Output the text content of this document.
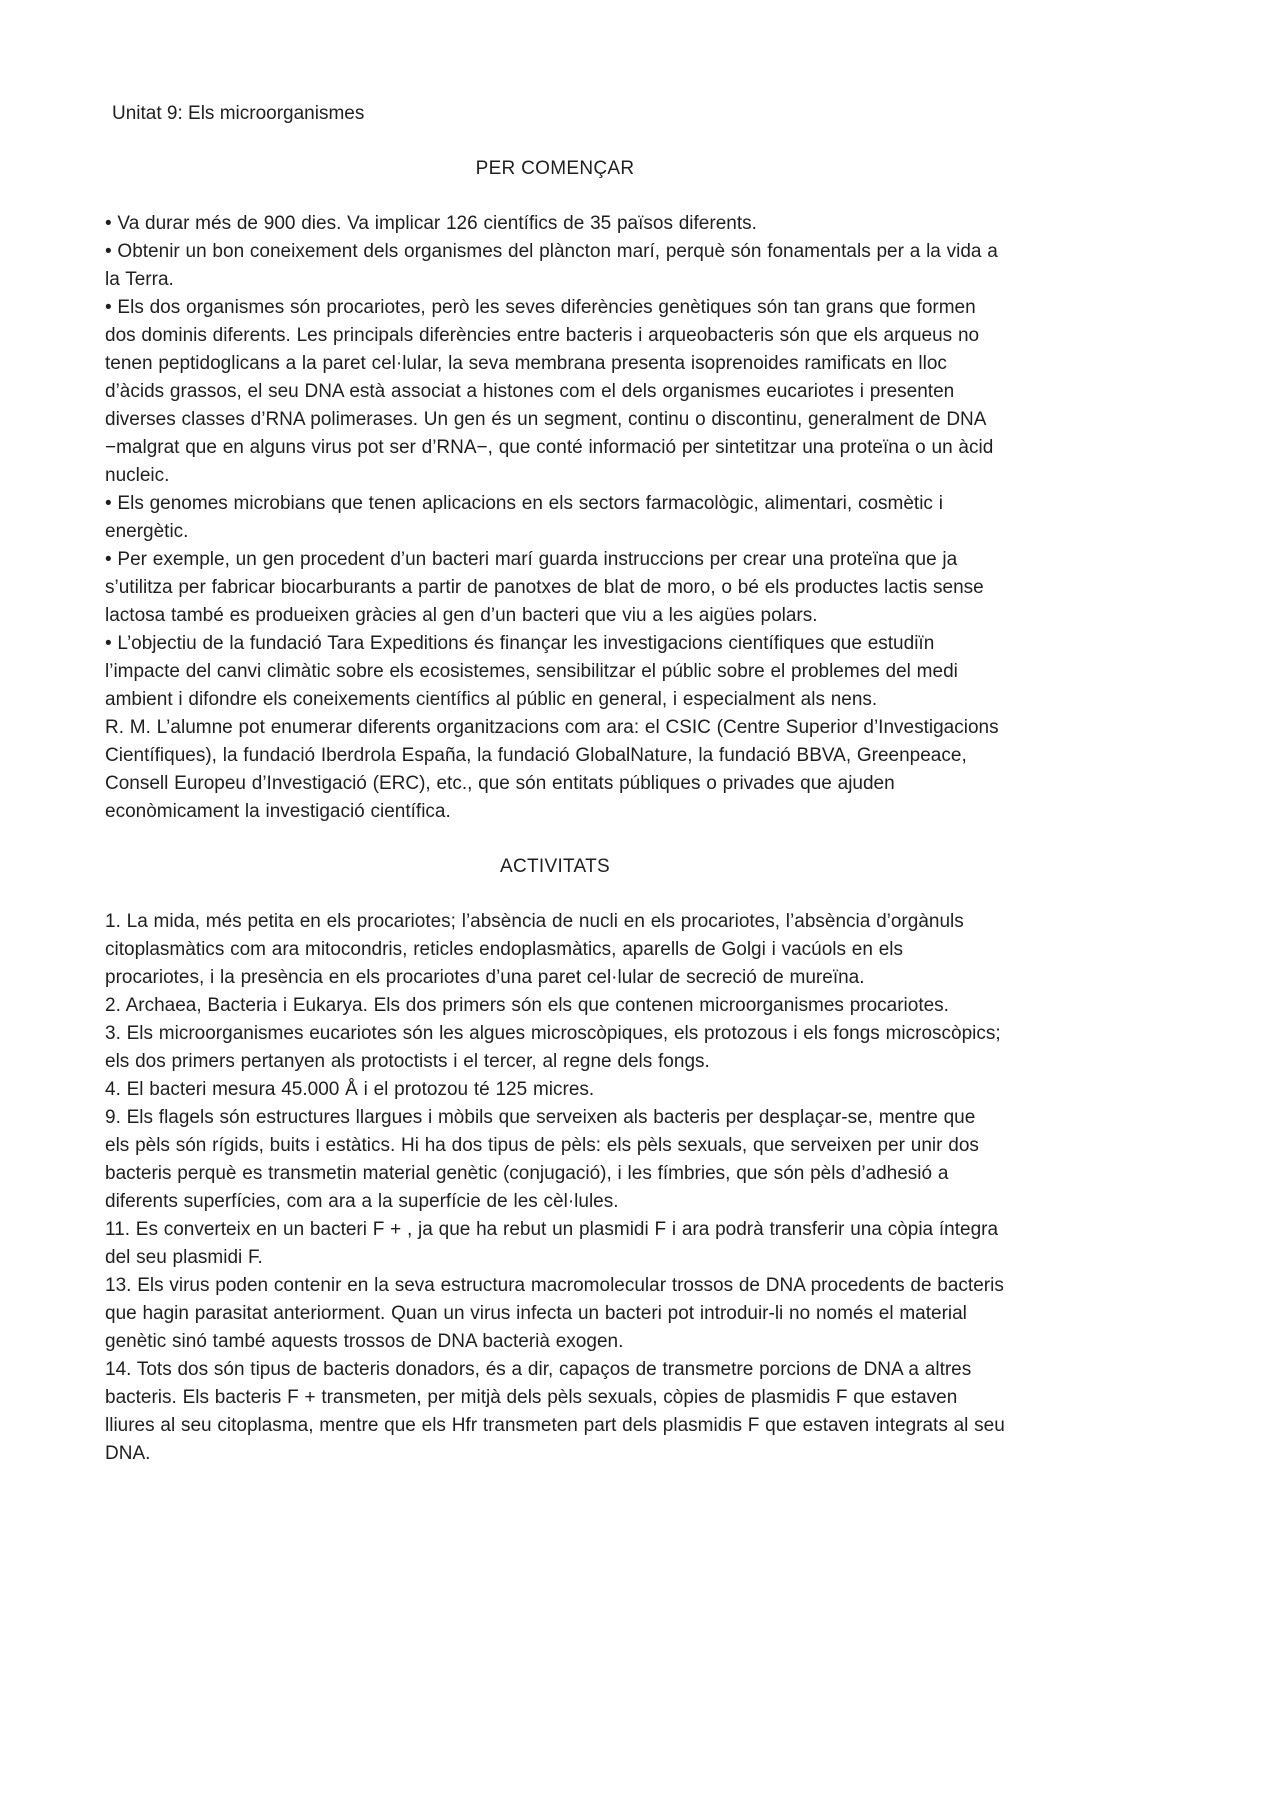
Unitat 9: Els microorganismes
PER COMENÇAR

• Va durar més de 900 dies. Va implicar 126 científics de 35 països diferents.

• Obtenir un bon coneixement dels organismes del plàncton marí, perquè són fonamentals per a la vida a la Terra.

• Els dos organismes són procariotes, però les seves diferències genètiques són tan grans que formen dos dominis diferents. Les principals diferències entre bacteris i arqueobacteris són que els arqueus no tenen peptidoglicans a la paret cel·lular, la seva membrana presenta isoprenoides ramificats en lloc d’àcids grassos, el seu DNA està associat a histones com el dels organismes eucariotes i presenten diverses classes d’RNA polimerases. Un gen és un segment, continu o discontinu, generalment de DNA −malgrat que en alguns virus pot ser d’RNA−, que conté informació per sintetitzar una proteïna o un àcid nucleic.

• Els genomes microbians que tenen aplicacions en els sectors farmacològic, alimentari, cosmètic i energètic.

• Per exemple, un gen procedent d’un bacteri marí guarda instruccions per crear una proteïna que ja s’utilitza per fabricar biocarburants a partir de panotxes de blat de moro, o bé els productes lactis sense lactosa també es produeixen gràcies al gen d’un bacteri que viu a les aigües polars.

• L’objectiu de la fundació Tara Expeditions és finançar les investigacions científiques que estudiïn l’impacte del canvi climàtic sobre els ecosistemes, sensibilitzar el públic sobre el problemes del medi ambient i difondre els coneixements científics al públic en general, i especialment als nens.

R. M. L’alumne pot enumerar diferents organitzacions com ara: el CSIC (Centre Superior d’Investigacions Científiques), la fundació Iberdrola España, la fundació GlobalNature, la fundació BBVA, Greenpeace, Consell Europeu d’Investigació (ERC), etc., que són entitats públiques o privades que ajuden econòmicament la investigació científica.

ACTIVITATS

1. La mida, més petita en els procariotes; l’absència de nucli en els procariotes, l’absència d’orgànuls citoplasmàtics com ara mitocondris, reticles endoplasmàtics, aparells de Golgi i vacúols en els procariotes, i la presència en els procariotes d’una paret cel·lular de secreció de mureïna.

2. Archaea, Bacteria i Eukarya. Els dos primers són els que contenen microorganismes procariotes.

3. Els microorganismes eucariotes són les algues microscòpiques, els protozous i els fongs microscòpics; els dos primers pertanyen als protoctists i el tercer, al regne dels fongs.

4. El bacteri mesura 45.000 Å i el protozou té 125 micres.

9. Els flagels són estructures llargues i mòbils que serveixen als bacteris per desplaçar-se, mentre que els pèls són rígids, buits i estàtics. Hi ha dos tipus de pèls: els pèls sexuals, que serveixen per unir dos bacteris perquè es transmetin material genètic (conjugació), i les fímbries, que són pèls d’adhesió a diferents superfícies, com ara a la superfície de les cèl·lules.

11. Es converteix en un bacteri F + , ja que ha rebut un plasmidi F i ara podrà transferir una còpia íntegra del seu plasmidi F.

13. Els virus poden contenir en la seva estructura macromolecular trossos de DNA procedents de bacteris que hagin parasitat anteriorment. Quan un virus infecta un bacteri pot introduir-li no només el material genètic sinó també aquests trossos de DNA bacterià exogen.

14. Tots dos són tipus de bacteris donadors, és a dir, capaços de transmetre porcions de DNA a altres bacteris. Els bacteris F + transmeten, per mitjà dels pèls sexuals, còpies de plasmidis F que estaven lliures al seu citoplasma, mentre que els Hfr transmeten part dels plasmidis F que estaven integrats al seu DNA.
